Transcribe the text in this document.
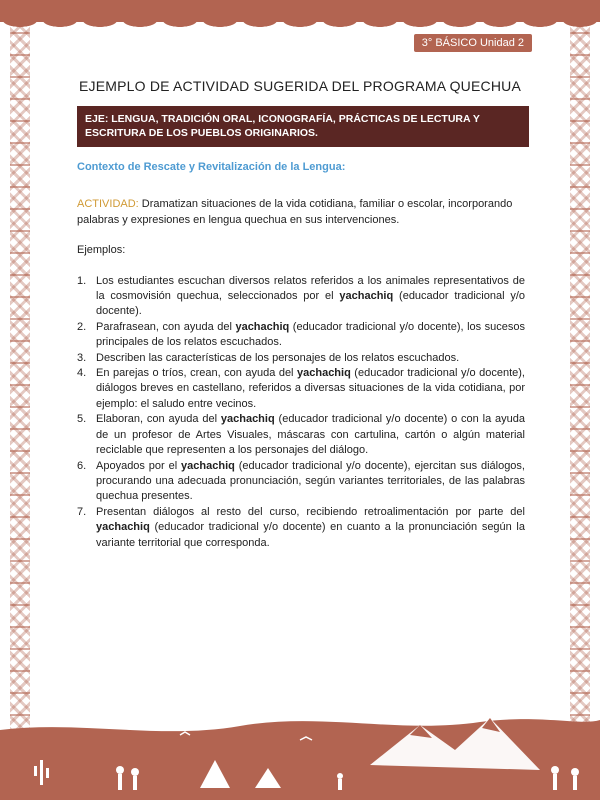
3° BÁSICO Unidad 2
EJEMPLO DE ACTIVIDAD SUGERIDA DEL PROGRAMA QUECHUA
EJE: LENGUA, TRADICIÓN ORAL, ICONOGRAFÍA, PRÁCTICAS DE LECTURA Y ESCRITURA DE LOS PUEBLOS ORIGINARIOS.

Contexto de Rescate y Revitalización de la Lengua:

ACTIVIDAD: Dramatizan situaciones de la vida cotidiana, familiar o escolar, incorporando palabras y expresiones en lengua quechua en sus intervenciones.

Ejemplos:

1. Los estudiantes escuchan diversos relatos referidos a los animales representativos de la cosmovisión quechua, seleccionados por el yachachiq (educador tradicional y/o docente).
2. Parafrasean, con ayuda del yachachiq (educador tradicional y/o docente), los sucesos principales de los relatos escuchados.
3. Describen las características de los personajes de los relatos escuchados.
4. En parejas o tríos, crean, con ayuda del yachachiq (educador tradicional y/o docente), diálogos breves en castellano, referidos a diversas situaciones de la vida cotidiana, por ejemplo: el saludo entre vecinos.
5. Elaboran, con ayuda del yachachiq (educador tradicional y/o docente) o con la ayuda de un profesor de Artes Visuales, máscaras con cartulina, cartón o algún material reciclable que representen a los personajes del diálogo.
6. Apoyados por el yachachiq (educador tradicional y/o docente), ejercitan sus diálogos, procurando una adecuada pronunciación, según variantes territoriales, de las palabras quechua presentes.
7. Presentan diálogos al resto del curso, recibiendo retroalimentación por parte del yachachiq (educador tradicional y/o docente) en cuanto a la pronunciación según la variante territorial que corresponda.
